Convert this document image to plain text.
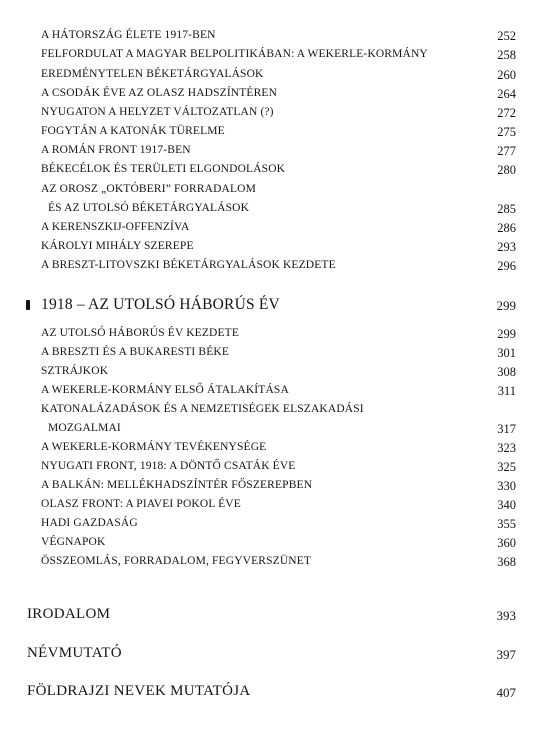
A HÁTORSZÁG ÉLETE 1917-BEN	252
FELFORDULAT A MAGYAR BELPOLITIKÁBAN: A WEKERLE-KORMÁNY	258
EREDMÉNYTELEN BÉKETÁRGYALÁSOK	260
A CSODÁK ÉVE AZ OLASZ HADSZÍNTÉREN	264
NYUGATON A HELYZET VÁLTOZATLAN (?)	272
FOGYTÁN A KATONÁK TÜRELME	275
A ROMÁN FRONT 1917-BEN	277
BÉKECÉLOK ÉS TERÜLETI ELGONDOLÁSOK	280
AZ OROSZ „OKTÓBERI” FORRADALOM
ÉS AZ UTOLSÓ BÉKETÁRGYALÁSOK	285
A KERENSZKIJ-OFFENZÍVA	286
KÁROLYI MIHÁLY SZEREPE	293
A BRESZT-LITOVSZKI BÉKETÁRGYALÁSOK KEZDETE	296
1918 – AZ UTOLSÓ HÁBORÚS ÉV	299
AZ UTOLSÓ HÁBORÚS ÉV KEZDETE	299
A BRESZTI ÉS A BUKARESTI BÉKE	301
SZTRÁJKOK	308
A WEKERLE-KORMÁNY ELSŐ ÁTALAKÍTÁSA	311
KATONALÁZADÁSOK ÉS A NEMZETISÉGEK ELSZAKADÁSI
MOZGALMAI	317
A WEKERLE-KORMÁNY TEVÉKENYSÉGE	323
NYUGATI FRONT, 1918: A DÖNTŐ CSATÁK ÉVE	325
A BALKÁN: MELLÉKHADSZÍNTÉR FŐSZEREPBEN	330
OLASZ FRONT: A PIAVEI POKOL ÉVE	340
HADI GAZDASÁG	355
VÉGNAPOK	360
ÖSSZEOMLÁS, FORRADALOM, FEGYVERSZÜNET	368
IRODALOM	393
NÉVMUTATÓ	397
FÖLDRAJZI NEVEK MUTATÓJA	407
